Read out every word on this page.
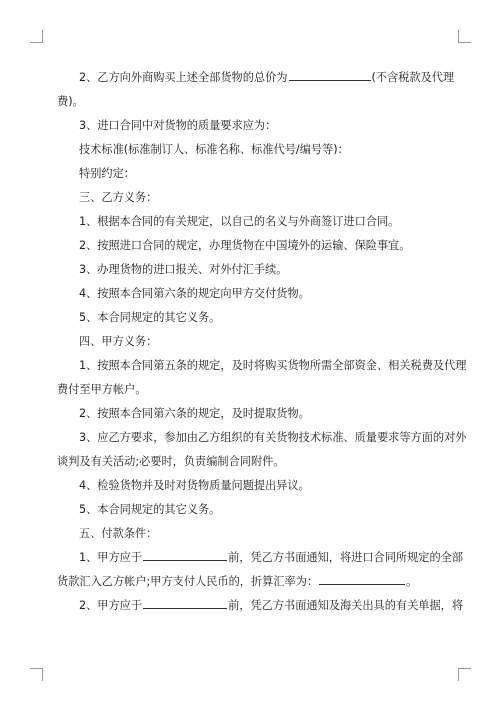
2、乙方向外商购买上述全部货物的总价为	(不含税款及代理
费)。
3、进口合同中对货物的质量要求应为：
技术标准(标准制订人、标准名称、标准代号/编号等)：
特别约定：
三、乙方义务：
1、根据本合同的有关规定，以自己的名义与外商签订进口合同。
2、按照进口合同的规定，办理货物在中国境外的运输、保险事宜。
3、办理货物的进口报关、对外付汇手续。
4、按照本合同第六条的规定向甲方交付货物。
5、本合同规定的其它义务。
四、甲方义务：
1、按照本合同第五条的规定，及时将购买货物所需全部资金、相关税费及代理
费付至甲方帐户。
2、按照本合同第六条的规定，及时提取货物。
3、应乙方要求，参加由乙方组织的有关货物技术标准、质量要求等方面的对外
谈判及有关活动;必要时，负责编制合同附件。
4、检验货物并及时对货物质量问题提出异议。
5、本合同规定的其它义务。
五、付款条件：
1、甲方应于	前，凭乙方书面通知，将进口合同所规定的全部
货款汇入乙方帐户;甲方支付人民币的，折算汇率为：	。
2、甲方应于	前，凭乙方书面通知及海关出具的有关单据，将
